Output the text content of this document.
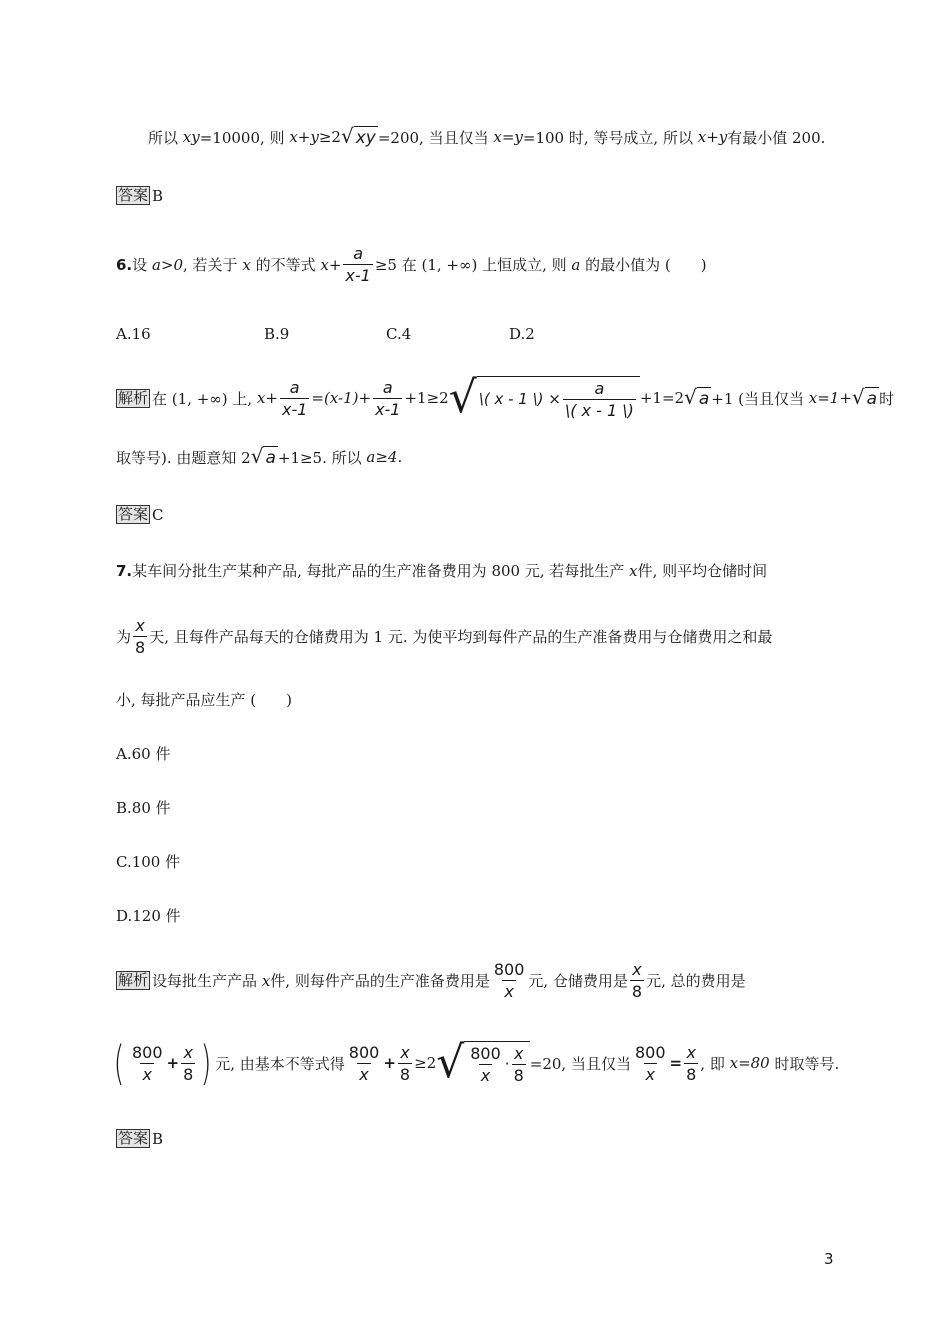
所以
xy =10000, 则
x+y ≥2 √ xy =200, 当且仅当
x=y =100 时, 等号成立, 所以
x+y 有最小值 200.
答案 B
6. 设
a>0 , 若关于
x
的不等式
$x+ \frac{a}{x-1} \ge 5$ 在 (1, +∞) 上恒成立, 则
a
的最小值为 (　　)
A.16	B.9	C.4	D.2
解析 在 (1, +∞) 上,
$x+ \frac{a}{x-1} =(x-1)+ \frac{a}{x-1} +1\ge 2$ √ \( x - 1 \) × $\frac{a}{\backslash( x - 1 \backslash)} +1=2$ √ a +1 (当且仅当
x=1+ √ a 时
取等号). 由题意知 2 √ a +1≥5. 所以
a≥4.
答案 C
7. 某车间分批生产某种产品, 每批产品的生产准备费用为 800 元, 若每批生产
x 件, 则平均仓储时间
为 $\frac{x}{8}$ 天, 且每件产品每天的仓储费用为 1 元. 为使平均到每件产品的生产准备费用与仓储费用之和最
小, 每批产品应生产 (　　)
A.60 件
B.80 件
C.100 件
D.120 件
解析 设每批生产产品
x 件, 则每件产品的生产准备费用是 $\frac{800}{x}$ 元, 仓储费用是 $\frac{x}{8}$ 元, 总的费用是
( $\frac{800}{x} + \frac{x}{8}$ ) 元, 由基本不等式得 $\frac{800}{x} + \frac{x}{8} \ge 2$ √ $\frac{800}{x} \cdot \frac{x}{8} =20$, 当且仅当 $\frac{800}{x} = \frac{x}{8}$ , 即
x=80
时取等号.
答案 B
3
